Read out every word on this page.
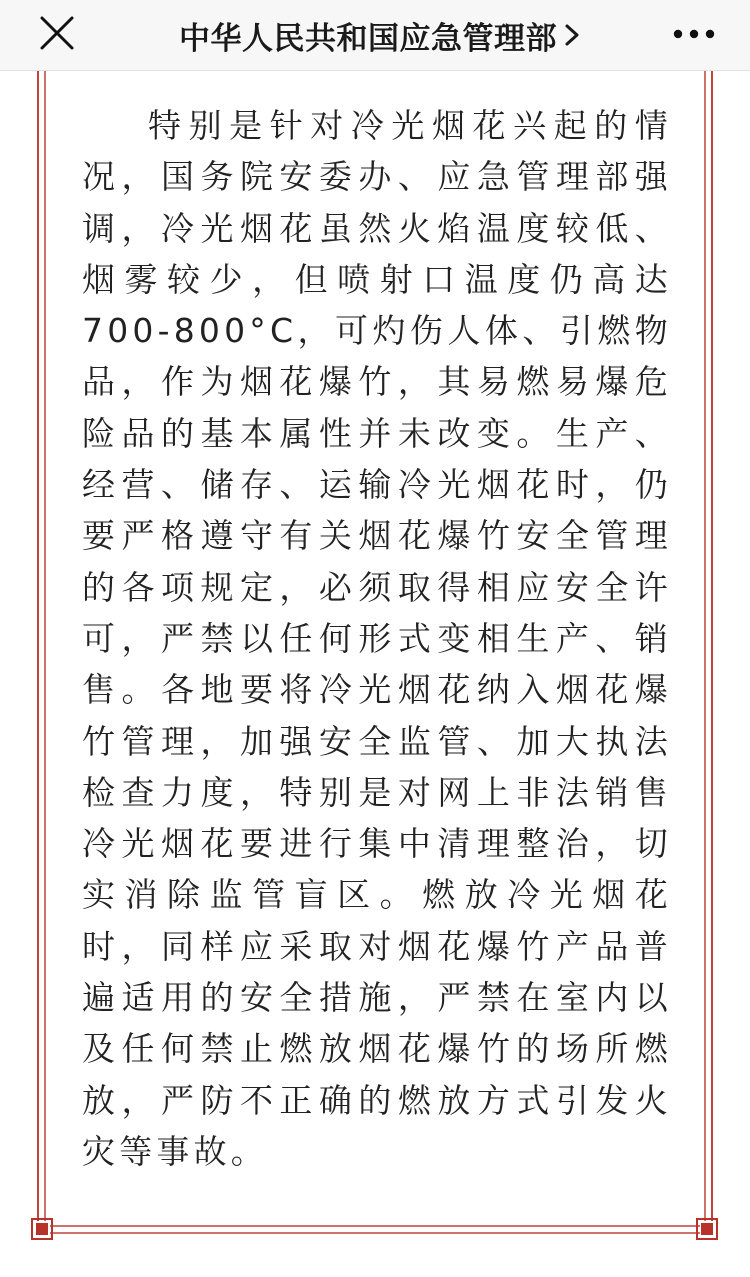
中华人民共和国应急管理部

特别是针对冷光烟花兴起的情况，国务院安委办、应急管理部强调，冷光烟花虽然火焰温度较低、烟雾较少，但喷射口温度仍高达700-800°C，可灼伤人体、引燃物品，作为烟花爆竹，其易燃易爆危险品的基本属性并未改变。生产、经营、储存、运输冷光烟花时，仍要严格遵守有关烟花爆竹安全管理的各项规定，必须取得相应安全许可，严禁以任何形式变相生产、销售。各地要将冷光烟花纳入烟花爆竹管理，加强安全监管、加大执法检查力度，特别是对网上非法销售冷光烟花要进行集中清理整治，切实消除监管盲区。燃放冷光烟花时，同样应采取对烟花爆竹产品普遍适用的安全措施，严禁在室内以及任何禁止燃放烟花爆竹的场所燃放，严防不正确的燃放方式引发火灾等事故。
